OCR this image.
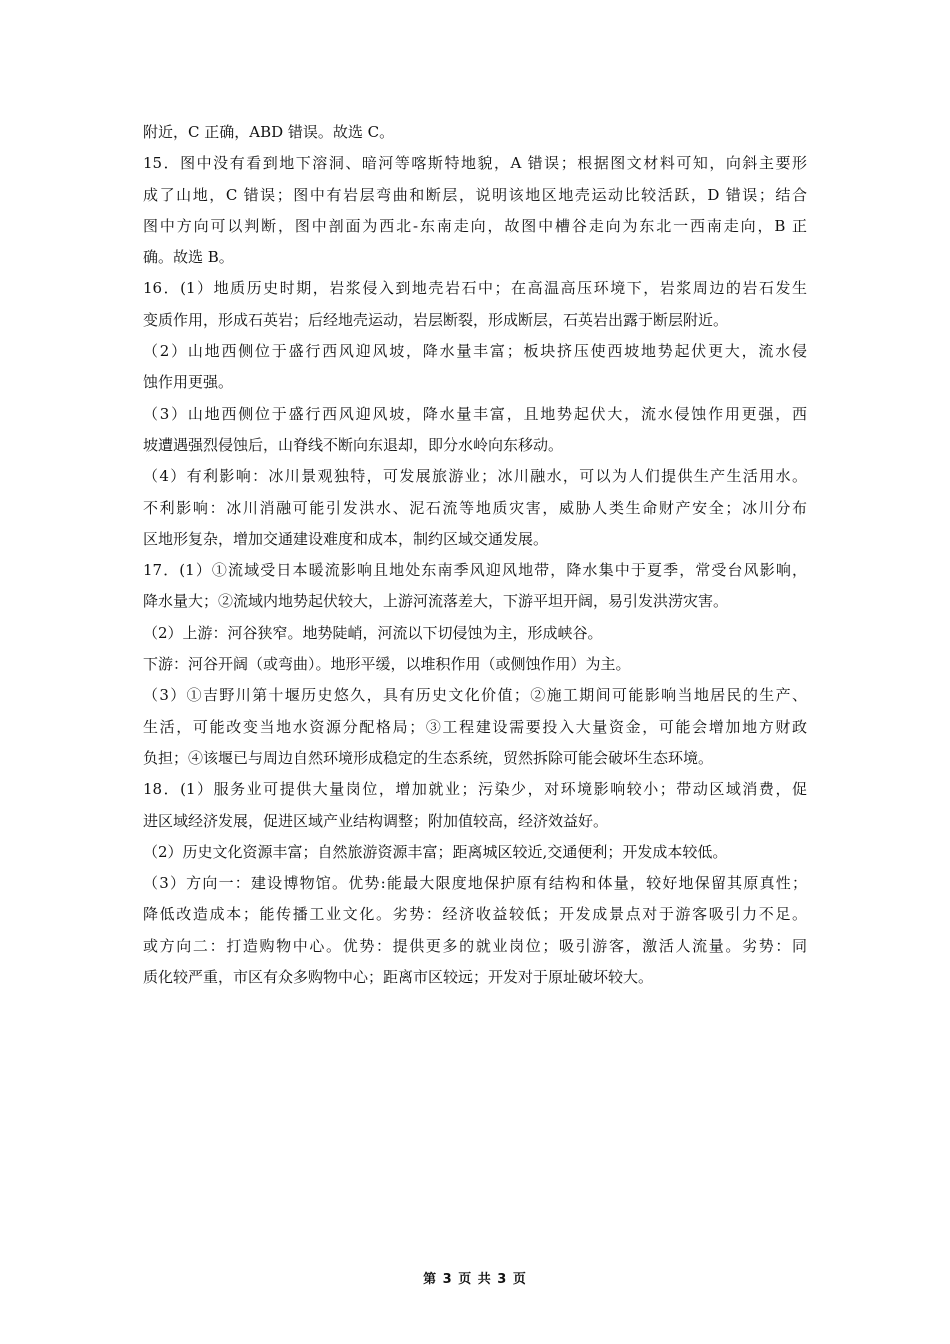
附近，C 正确，ABD 错误。故选 C。
15．图中没有看到地下溶洞、暗河等喀斯特地貌，A 错误；根据图文材料可知，向斜主要形
成了山地，C 错误；图中有岩层弯曲和断层，说明该地区地壳运动比较活跃，D 错误；结合
图中方向可以判断，图中剖面为西北-东南走向，故图中槽谷走向为东北一西南走向，B 正
确。故选 B。
16．(1）地质历史时期，岩浆侵入到地壳岩石中；在高温高压环境下，岩浆周边的岩石发生
变质作用，形成石英岩；后经地壳运动，岩层断裂，形成断层，石英岩出露于断层附近。
（2）山地西侧位于盛行西风迎风坡，降水量丰富；板块挤压使西坡地势起伏更大，流水侵
蚀作用更强。
（3）山地西侧位于盛行西风迎风坡，降水量丰富，且地势起伏大，流水侵蚀作用更强，西
坡遭遇强烈侵蚀后，山脊线不断向东退却，即分水岭向东移动。
（4）有利影响：冰川景观独特，可发展旅游业；冰川融水，可以为人们提供生产生活用水。
不利影响：冰川消融可能引发洪水、泥石流等地质灾害，威胁人类生命财产安全；冰川分布
区地形复杂，增加交通建设难度和成本，制约区域交通发展。
17．(1）①流域受日本暖流影响且地处东南季风迎风地带，降水集中于夏季，常受台风影响，
降水量大；②流域内地势起伏较大，上游河流落差大，下游平坦开阔，易引发洪涝灾害。
（2）上游：河谷狭窄。地势陡峭，河流以下切侵蚀为主，形成峡谷。
下游：河谷开阔（或弯曲）。地形平缓，以堆积作用（或侧蚀作用）为主。
（3）①吉野川第十堰历史悠久，具有历史文化价值；②施工期间可能影响当地居民的生产、
生活，可能改变当地水资源分配格局；③工程建设需要投入大量资金，可能会增加地方财政
负担；④该堰已与周边自然环境形成稳定的生态系统，贸然拆除可能会破坏生态环境。
18．(1）服务业可提供大量岗位，增加就业；污染少，对环境影响较小；带动区域消费，促
进区域经济发展，促进区域产业结构调整；附加值较高，经济效益好。
（2）历史文化资源丰富；自然旅游资源丰富；距离城区较近,交通便利；开发成本较低。
（3）方向一：建设博物馆。优势:能最大限度地保护原有结构和体量，较好地保留其原真性；
降低改造成本；能传播工业文化。劣势：经济收益较低；开发成景点对于游客吸引力不足。
或方向二：打造购物中心。优势：提供更多的就业岗位；吸引游客，激活人流量。劣势：同
质化较严重，市区有众多购物中心；距离市区较远；开发对于原址破坏较大。
第 3 页 共 3 页
